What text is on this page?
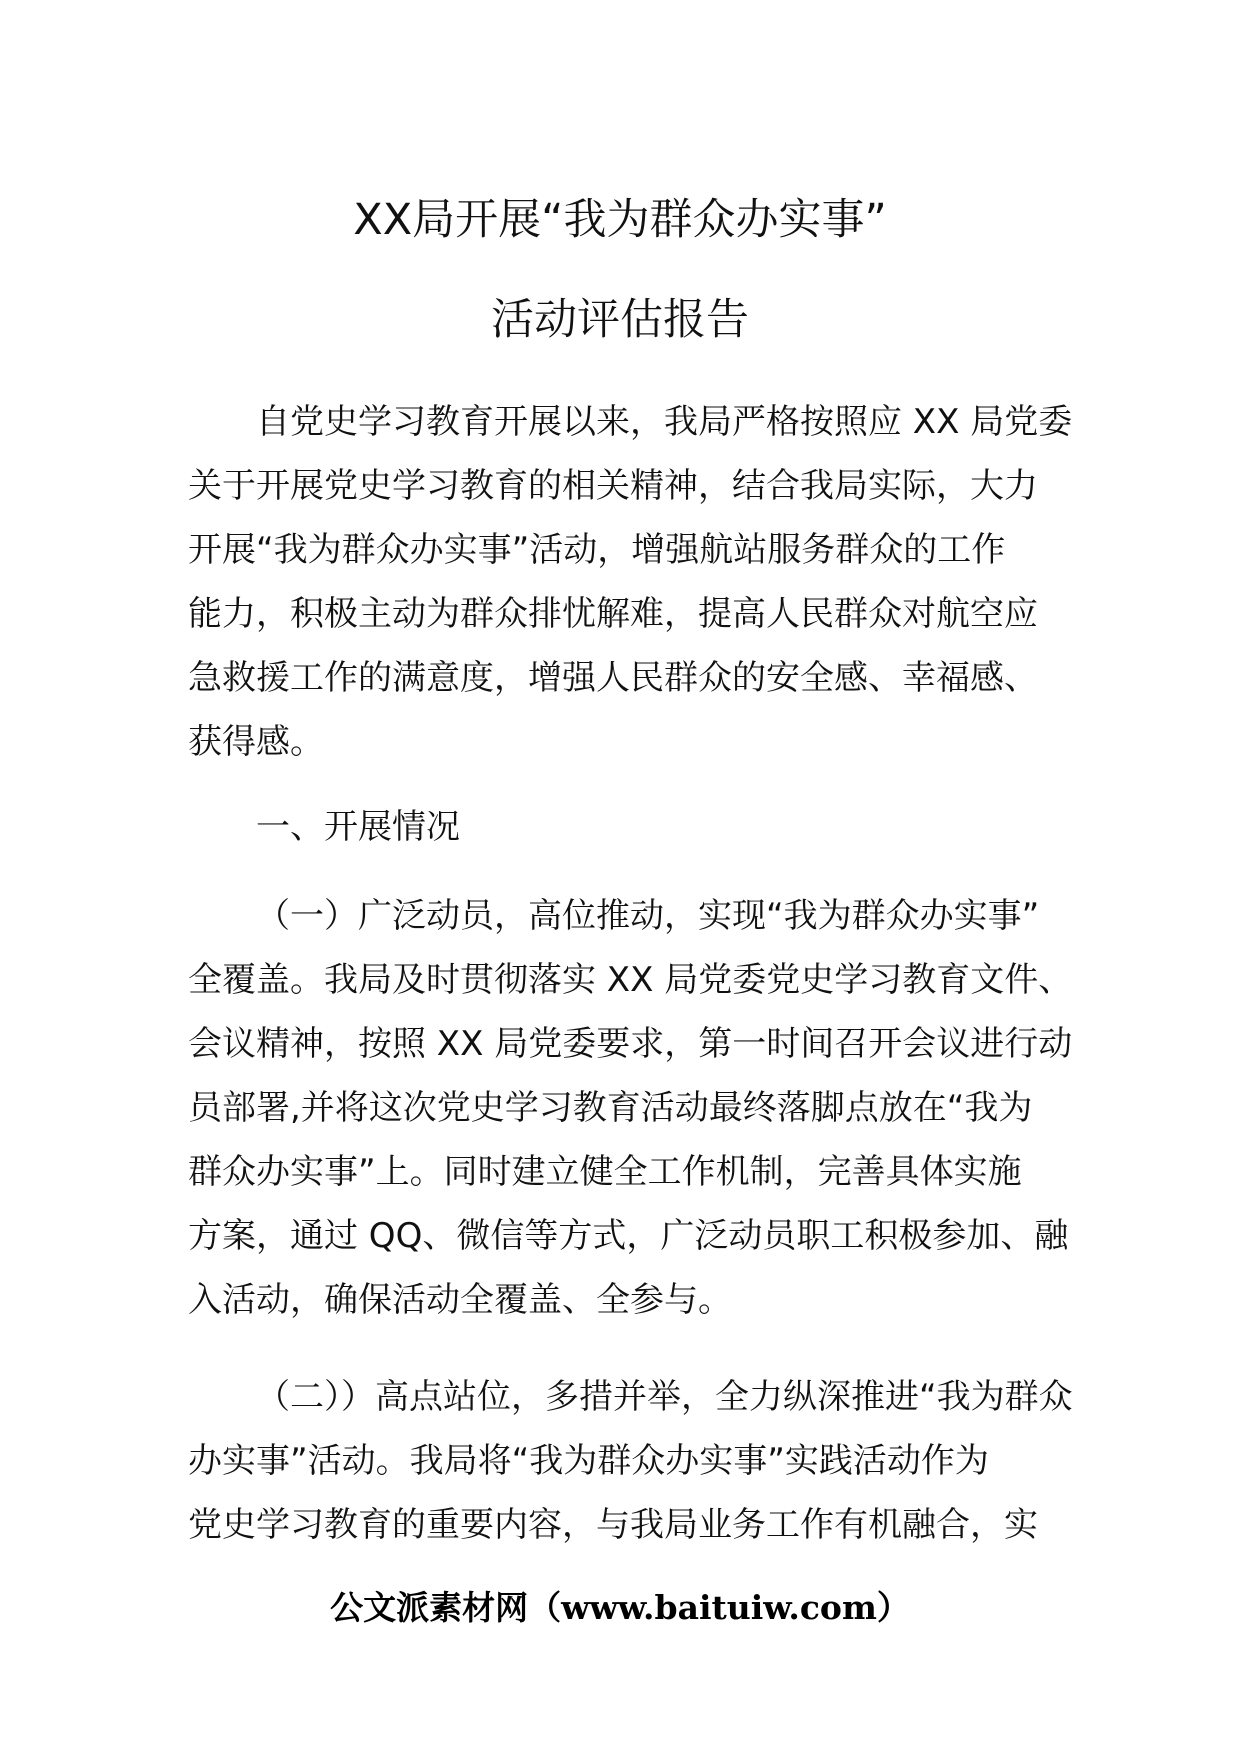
XX局开展“我为群众办实事”
活动评估报告
自党史学习教育开展以来，我局严格按照应 XX 局党委
关于开展党史学习教育的相关精神，结合我局实际，大力
开展“我为群众办实事”活动，增强航站服务群众的工作
能力，积极主动为群众排忧解难，提高人民群众对航空应
急救援工作的满意度，增强人民群众的安全感、幸福感、
获得感。
一、开展情况
（一）广泛动员，高位推动，实现“我为群众办实事”
全覆盖。我局及时贯彻落实 XX 局党委党史学习教育文件、
会议精神，按照 XX 局党委要求，第一时间召开会议进行动
员部署,并将这次党史学习教育活动最终落脚点放在“我为
群众办实事”上。同时建立健全工作机制，完善具体实施
方案，通过 QQ、微信等方式，广泛动员职工积极参加、融
入活动，确保活动全覆盖、全参与。
（二））高点站位，多措并举，全力纵深推进“我为群众
办实事”活动。我局将“我为群众办实事”实践活动作为
党史学习教育的重要内容，与我局业务工作有机融合，实
公文派素材网（www.baituiw.com）
